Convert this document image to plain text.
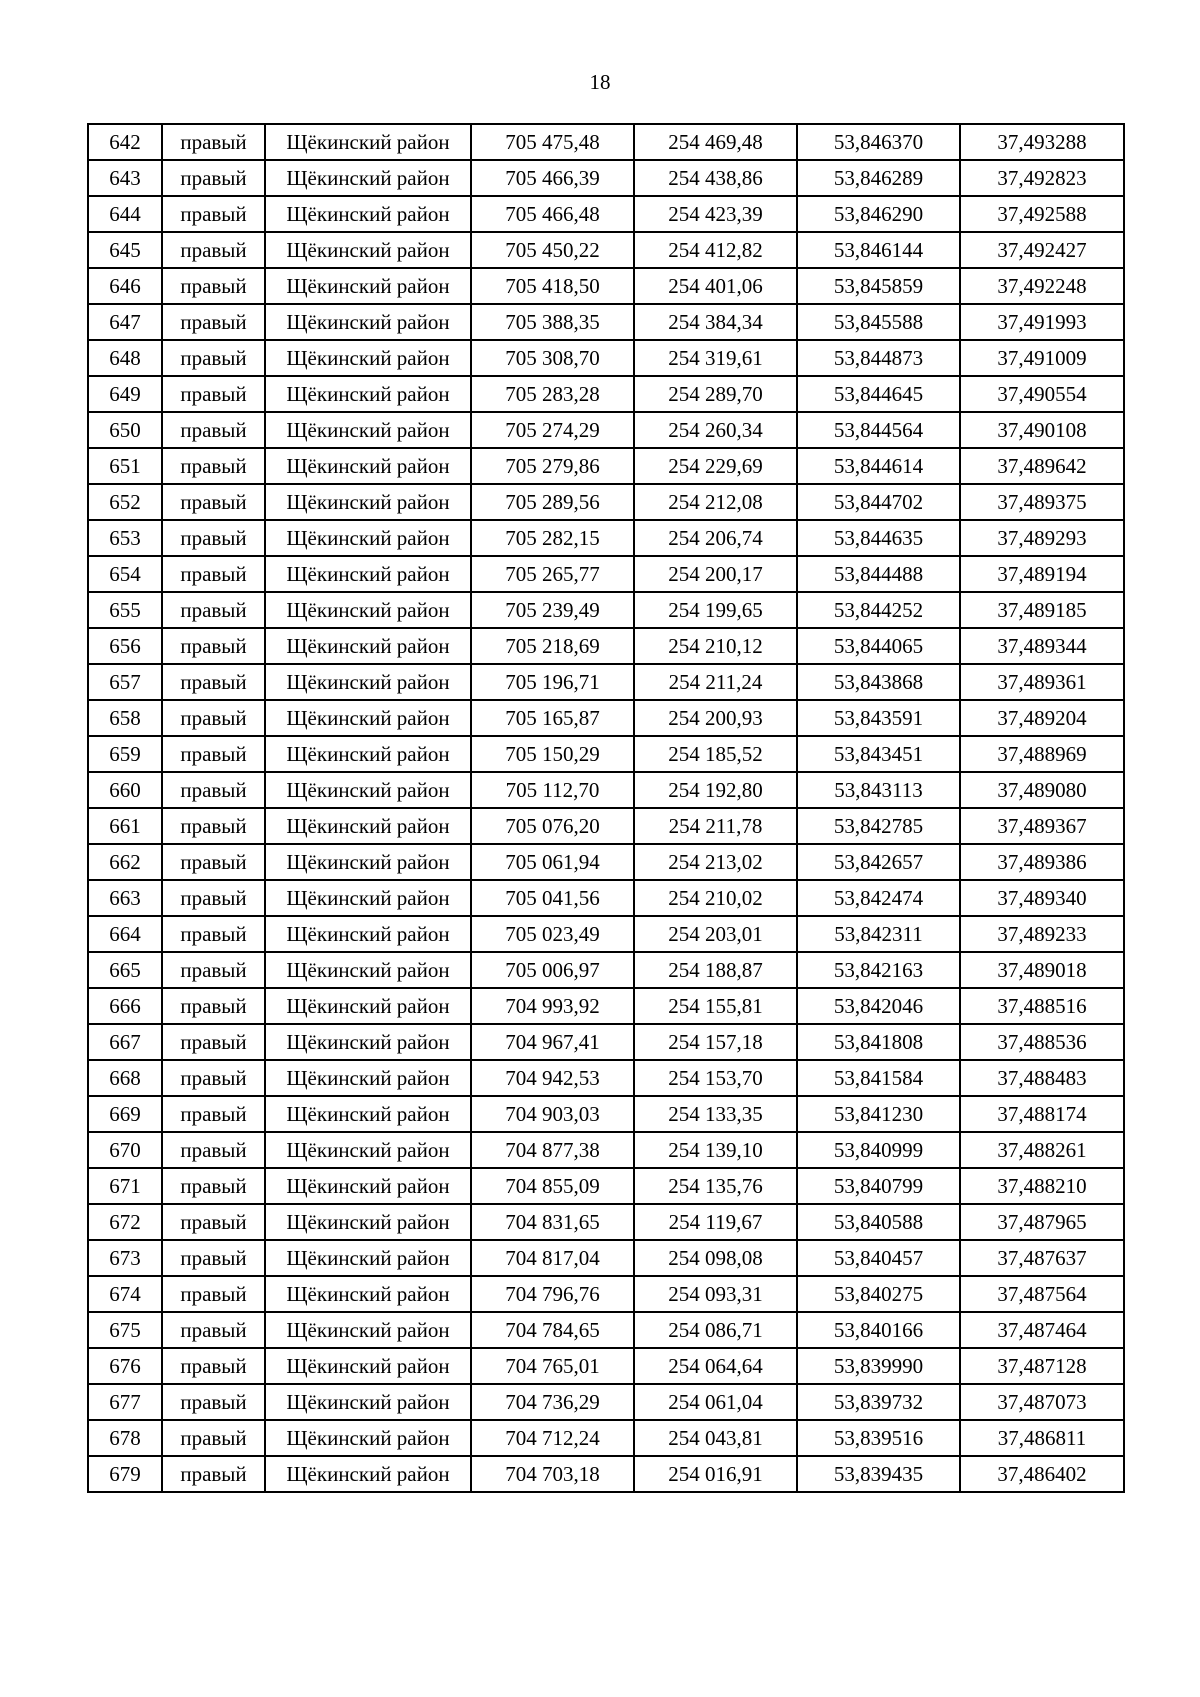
18
642	правый	Щёкинский район	705 475,48	254 469,48	53,846370	37,493288
643	правый	Щёкинский район	705 466,39	254 438,86	53,846289	37,492823
644	правый	Щёкинский район	705 466,48	254 423,39	53,846290	37,492588
645	правый	Щёкинский район	705 450,22	254 412,82	53,846144	37,492427
646	правый	Щёкинский район	705 418,50	254 401,06	53,845859	37,492248
647	правый	Щёкинский район	705 388,35	254 384,34	53,845588	37,491993
648	правый	Щёкинский район	705 308,70	254 319,61	53,844873	37,491009
649	правый	Щёкинский район	705 283,28	254 289,70	53,844645	37,490554
650	правый	Щёкинский район	705 274,29	254 260,34	53,844564	37,490108
651	правый	Щёкинский район	705 279,86	254 229,69	53,844614	37,489642
652	правый	Щёкинский район	705 289,56	254 212,08	53,844702	37,489375
653	правый	Щёкинский район	705 282,15	254 206,74	53,844635	37,489293
654	правый	Щёкинский район	705 265,77	254 200,17	53,844488	37,489194
655	правый	Щёкинский район	705 239,49	254 199,65	53,844252	37,489185
656	правый	Щёкинский район	705 218,69	254 210,12	53,844065	37,489344
657	правый	Щёкинский район	705 196,71	254 211,24	53,843868	37,489361
658	правый	Щёкинский район	705 165,87	254 200,93	53,843591	37,489204
659	правый	Щёкинский район	705 150,29	254 185,52	53,843451	37,488969
660	правый	Щёкинский район	705 112,70	254 192,80	53,843113	37,489080
661	правый	Щёкинский район	705 076,20	254 211,78	53,842785	37,489367
662	правый	Щёкинский район	705 061,94	254 213,02	53,842657	37,489386
663	правый	Щёкинский район	705 041,56	254 210,02	53,842474	37,489340
664	правый	Щёкинский район	705 023,49	254 203,01	53,842311	37,489233
665	правый	Щёкинский район	705 006,97	254 188,87	53,842163	37,489018
666	правый	Щёкинский район	704 993,92	254 155,81	53,842046	37,488516
667	правый	Щёкинский район	704 967,41	254 157,18	53,841808	37,488536
668	правый	Щёкинский район	704 942,53	254 153,70	53,841584	37,488483
669	правый	Щёкинский район	704 903,03	254 133,35	53,841230	37,488174
670	правый	Щёкинский район	704 877,38	254 139,10	53,840999	37,488261
671	правый	Щёкинский район	704 855,09	254 135,76	53,840799	37,488210
672	правый	Щёкинский район	704 831,65	254 119,67	53,840588	37,487965
673	правый	Щёкинский район	704 817,04	254 098,08	53,840457	37,487637
674	правый	Щёкинский район	704 796,76	254 093,31	53,840275	37,487564
675	правый	Щёкинский район	704 784,65	254 086,71	53,840166	37,487464
676	правый	Щёкинский район	704 765,01	254 064,64	53,839990	37,487128
677	правый	Щёкинский район	704 736,29	254 061,04	53,839732	37,487073
678	правый	Щёкинский район	704 712,24	254 043,81	53,839516	37,486811
679	правый	Щёкинский район	704 703,18	254 016,91	53,839435	37,486402
